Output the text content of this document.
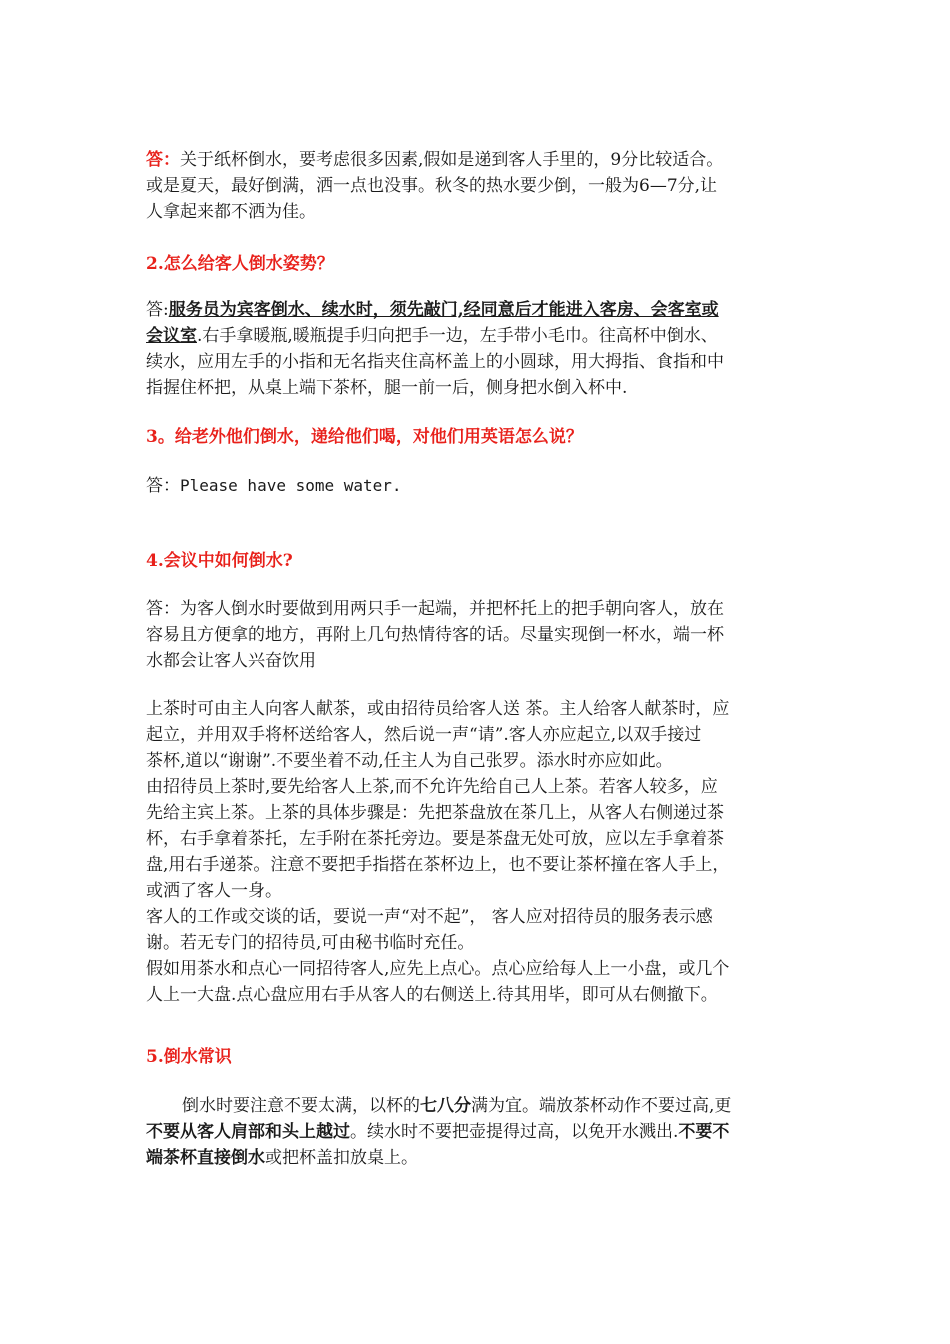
答：关于纸杯倒水，要考虑很多因素,假如是递到客人手里的，9分比较适合。
或是夏天，最好倒满，洒一点也没事。秋冬的热水要少倒，一般为6—7分,让
人拿起来都不洒为佳。
2.怎么给客人倒水姿势？
答:服务员为宾客倒水、续水时，须先敲门,经同意后才能进入客房、会客室或
会议室.右手拿暖瓶,暖瓶提手归向把手一边，左手带小毛巾。往高杯中倒水、
续水，应用左手的小指和无名指夹住高杯盖上的小圆球，用大拇指、食指和中
指握住杯把，从桌上端下茶杯，腿一前一后，侧身把水倒入杯中.
3。给老外他们倒水，递给他们喝，对他们用英语怎么说？
答：Please have some water.
4.会议中如何倒水?
答：为客人倒水时要做到用两只手一起端，并把杯托上的把手朝向客人，放在
容易且方便拿的地方，再附上几句热情待客的话。尽量实现倒一杯水，端一杯
水都会让客人兴奋饮用
上茶时可由主人向客人献茶，或由招待员给客人送 茶。主人给客人献茶时，应
起立，并用双手将杯送给客人，然后说一声“请”.客人亦应起立,以双手接过
茶杯,道以“谢谢”.不要坐着不动,任主人为自己张罗。添水时亦应如此。
由招待员上茶时,要先给客人上茶,而不允许先给自己人上茶。若客人较多，应
先给主宾上茶。上茶的具体步骤是：先把茶盘放在茶几上，从客人右侧递过茶
杯，右手拿着茶托，左手附在茶托旁边。要是茶盘无处可放，应以左手拿着茶
盘,用右手递茶。注意不要把手指搭在茶杯边上，也不要让茶杯撞在客人手上，
或洒了客人一身。
客人的工作或交谈的话，要说一声“对不起”， 客人应对招待员的服务表示感
谢。若无专门的招待员,可由秘书临时充任。
假如用茶水和点心一同招待客人,应先上点心。点心应给每人上一小盘，或几个
人上一大盘.点心盘应用右手从客人的右侧送上.待其用毕，即可从右侧撤下。
5.倒水常识
倒水时要注意不要太满，以杯的七八分满为宜。端放茶杯动作不要过高,更
不要从客人肩部和头上越过。续水时不要把壶提得过高，以免开水溅出.不要不
端茶杯直接倒水或把杯盖扣放桌上。
